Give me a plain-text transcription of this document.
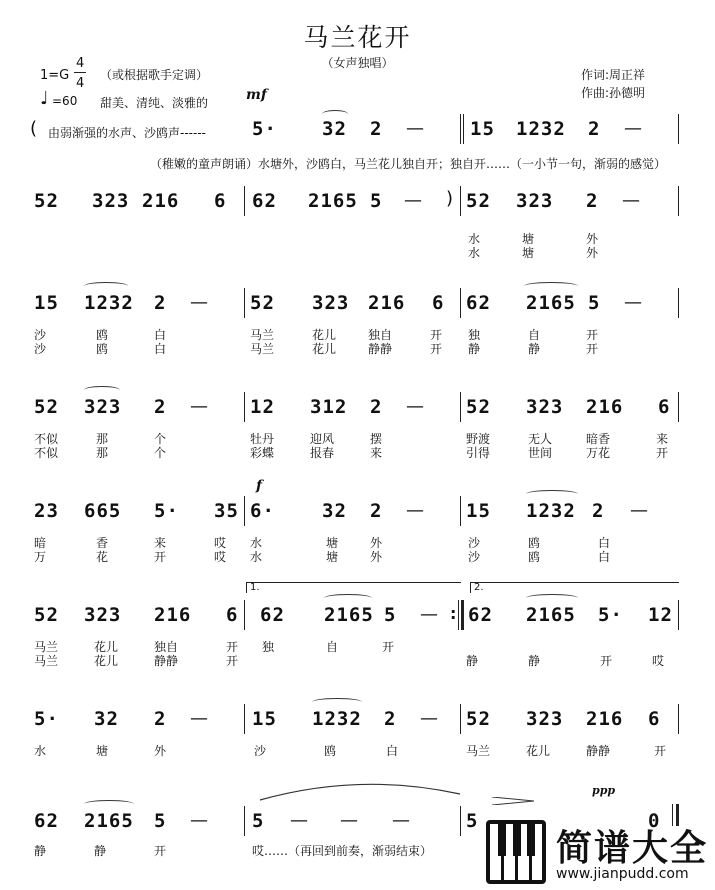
马兰花开
（女声独唱）
1=G
4
4
（或根据歌手定调）
♩ =60 甜美、清纯、淡雅的	mf
作词:周正祥
作曲:孙德明
( 由弱渐强的水声、沙鸥声------ 5· 32 2 — 15 1232 2 —
（稚嫩的童声朗诵）水塘外，沙鸥白，马兰花儿独自开；独自开……（一小节一句，渐弱的感觉）
52 323 216 6 62 2165 5 — ) 52 323 2 —
水	塘	外
水	塘	外
15 1232 2 — 52 323 216 6 62 2165 5 —
沙	鸥	白	马兰	花儿	独自	开 独	自	开
沙	鸥	白	马兰	花儿	静静	开 静	静	开
52 323 2 — 12 312 2 — 52 323 216 6
不似	那	个	牡丹	迎风	摆	野渡	无人	暗香	来
不似	那	个	彩蝶	报春	来	引得	世间	万花	开
f
23 665 5· 35 6· 32 2 — 15 1232 2 —
暗	香	来	哎 水	塘	外	沙	鸥	白
万	花	开	哎 水	塘	外	沙	鸥	白
1.	2.
52 323 216 6 62 2165 5 — : 62 2165 5· 12
马兰	花儿	独自	开 独	自	开
马兰	花儿	静静	开	静	静	开	哎
5· 32 2 — 15 1232 2 — 52 323 216 6
水	塘	外	沙	鸥	白	马兰	花儿	静静	开
ppp
62 2165 5 — 5 — — —	5	0
静	静	开	哎……（再回到前奏，渐弱结束）	简谱大全
www.jianpudd.com
